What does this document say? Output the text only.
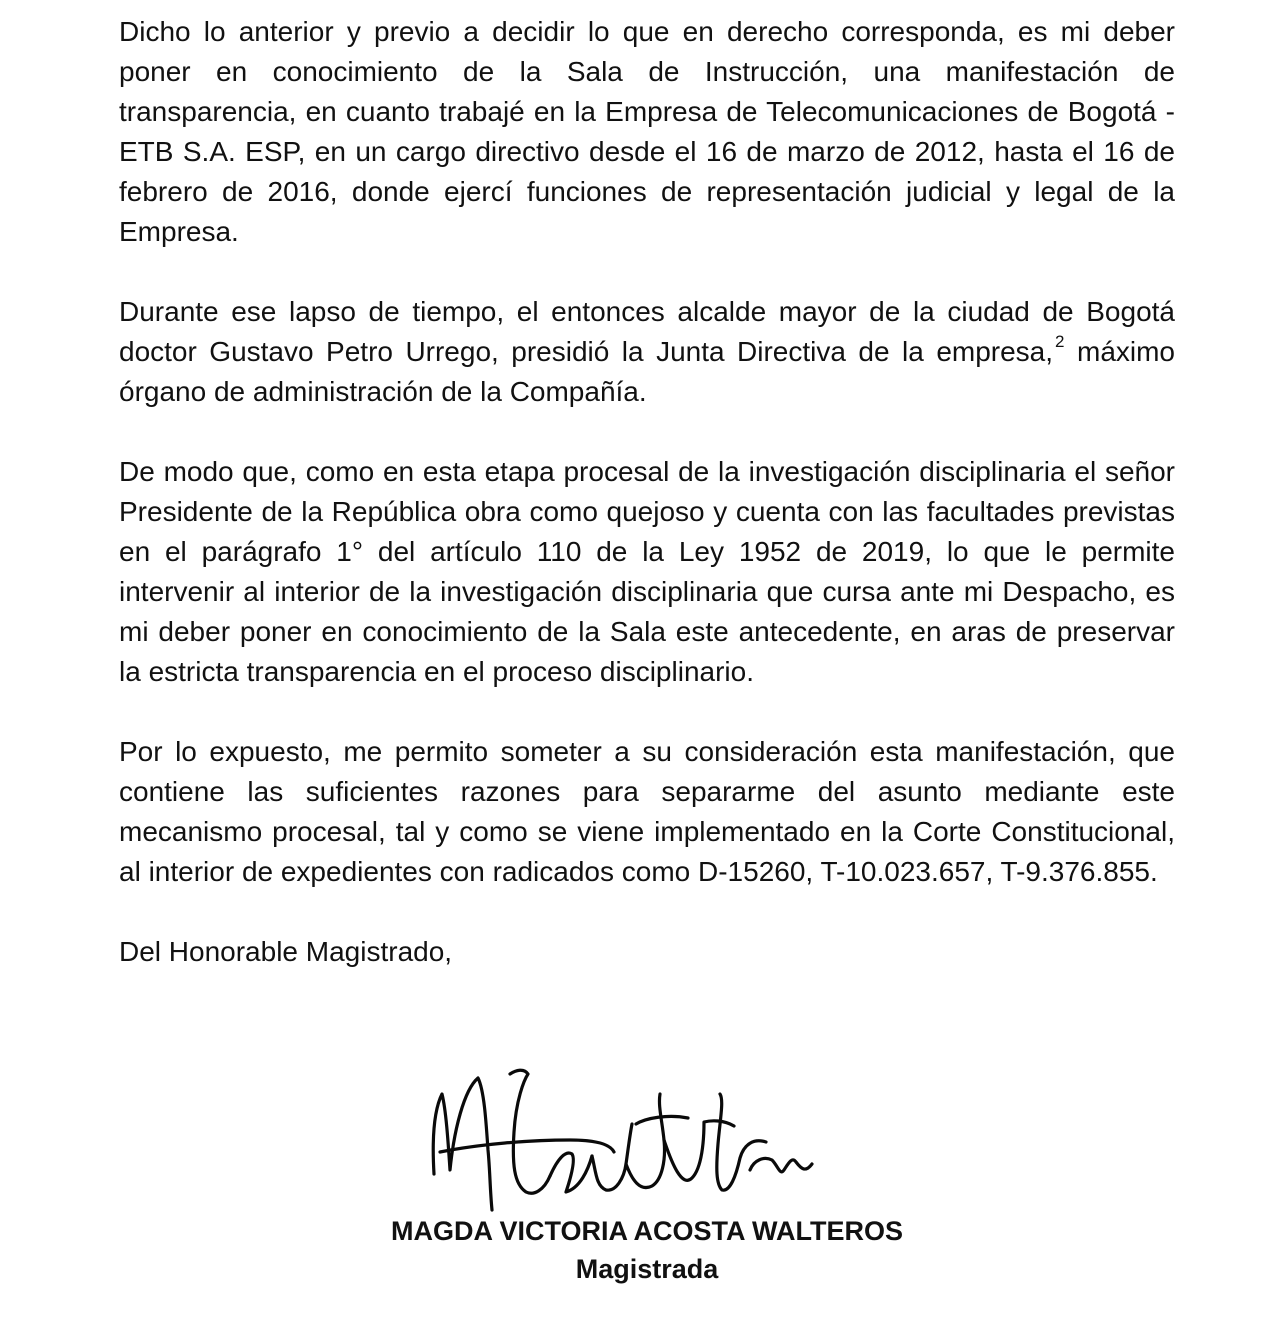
Dicho lo anterior y previo a decidir lo que en derecho corresponda, es mi deber poner en conocimiento de la Sala de Instrucción, una manifestación de transparencia, en cuanto trabajé en la Empresa de Telecomunicaciones de Bogotá - ETB S.A. ESP, en un cargo directivo desde el 16 de marzo de 2012, hasta el 16 de febrero de 2016, donde ejercí funciones de representación judicial y legal de la Empresa.

Durante ese lapso de tiempo, el entonces alcalde mayor de la ciudad de Bogotá doctor Gustavo Petro Urrego, presidió la Junta Directiva de la empresa, $^2$ máximo órgano de administración de la Compañía.

De modo que, como en esta etapa procesal de la investigación disciplinaria el señor Presidente de la República obra como quejoso y cuenta con las facultades previstas en el parágrafo 1° del artículo 110 de la Ley 1952 de 2019, lo que le permite intervenir al interior de la investigación disciplinaria que cursa ante mi Despacho, es mi deber poner en conocimiento de la Sala este antecedente, en aras de preservar la estricta transparencia en el proceso disciplinario.

Por lo expuesto, me permito someter a su consideración esta manifestación, que contiene las suficientes razones para separarme del asunto mediante este mecanismo procesal, tal y como se viene implementado en la Corte Constitucional, al interior de expedientes con radicados como D-15260, T-10.023.657, T-9.376.855.

Del Honorable Magistrado,

MAGDA VICTORIA ACOSTA WALTEROS
Magistrada
